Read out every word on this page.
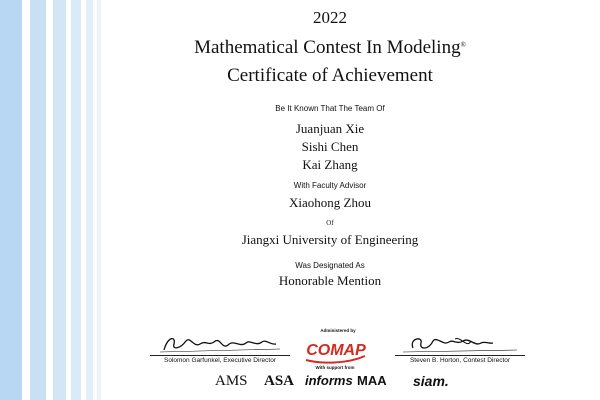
2022
Mathematical Contest In Modeling®
Certificate of Achievement
Be It Known That The Team Of
Juanjuan Xie
Sishi Chen
Kai Zhang
With Faculty Advisor
Xiaohong Zhou
Of
Jiangxi University of Engineering
Was Designated As
Honorable Mention
Solomon Garfunkel, Executive Director
Administered by
COMAP
With support from
Steven B. Horton, Contest Director
AMS ASA informs MAA siam.
